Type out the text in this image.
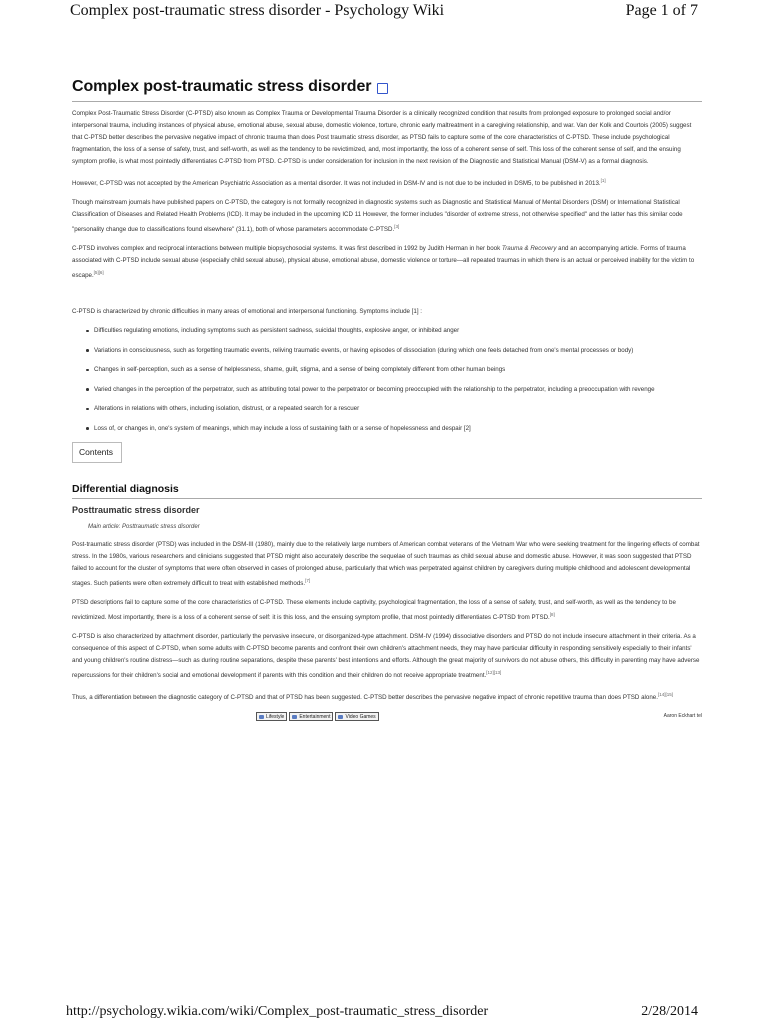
Complex post-traumatic stress disorder - Psychology Wiki	Page 1 of 7
Complex post-traumatic stress disorder

Complex Post-Traumatic Stress Disorder (C-PTSD) also known as Complex Trauma or Developmental Trauma Disorder is a clinically recognized condition that results from prolonged exposure to prolonged social and/or interpersonal trauma, including instances of physical abuse, emotional abuse, sexual abuse, domestic violence, torture, chronic early maltreatment in a caregiving relationship, and war. Van der Kolk and Courtois (2005) suggest that C-PTSD better describes the pervasive negative impact of chronic trauma than does Post traumatic stress disorder, as PTSD fails to capture some of the core characteristics of C-PTSD. These include psychological fragmentation, the loss of a sense of safety, trust, and self-worth, as well as the tendency to be revictimized, and, most importantly, the loss of a coherent sense of self. This loss of the coherent sense of self, and the ensuing symptom profile, is what most pointedly differentiates C-PTSD from PTSD. C-PTSD is under consideration for inclusion in the next revision of the Diagnostic and Statistical Manual (DSM-V) as a formal diagnosis.

However, C-PTSD was not accepted by the American Psychiatric Association as a mental disorder. It was not included in DSM-IV and is not due to be included in DSM5, to be published in 2013.[1]

Though mainstream journals have published papers on C-PTSD, the category is not formally recognized in diagnostic systems such as Diagnostic and Statistical Manual of Mental Disorders (DSM) or International Statistical Classification of Diseases and Related Health Problems (ICD). It may be included in the upcoming ICD 11 However, the former includes "disorder of extreme stress, not otherwise specified" and the latter has this similar code "personality change due to classifications found elsewhere" (31.1), both of whose parameters accommodate C-PTSD.[3]

C-PTSD involves complex and reciprocal interactions between multiple biopsychosocial systems. It was first described in 1992 by Judith Herman in her book Trauma & Recovery and an accompanying article. Forms of trauma associated with C-PTSD include sexual abuse (especially child sexual abuse), physical abuse, emotional abuse, domestic violence or torture—all repeated traumas in which there is an actual or perceived inability for the victim to escape.[5][6]

C-PTSD is characterized by chronic difficulties in many areas of emotional and interpersonal functioning. Symptoms include [1] :

Difficulties regulating emotions, including symptoms such as persistent sadness, suicidal thoughts, explosive anger, or inhibited anger
Variations in consciousness, such as forgetting traumatic events, reliving traumatic events, or having episodes of dissociation (during which one feels detached from one's mental processes or body)
Changes in self-perception, such as a sense of helplessness, shame, guilt, stigma, and a sense of being completely different from other human beings
Varied changes in the perception of the perpetrator, such as attributing total power to the perpetrator or becoming preoccupied with the relationship to the perpetrator, including a preoccupation with revenge
Alterations in relations with others, including isolation, distrust, or a repeated search for a rescuer
Loss of, or changes in, one's system of meanings, which may include a loss of sustaining faith or a sense of hopelessness and despair [2]
Contents
Differential diagnosis
Posttraumatic stress disorder
Main article: Posttraumatic stress disorder

Post-traumatic stress disorder (PTSD) was included in the DSM-III (1980), mainly due to the relatively large numbers of American combat veterans of the Vietnam War who were seeking treatment for the lingering effects of combat stress. In the 1980s, various researchers and clinicians suggested that PTSD might also accurately describe the sequelae of such traumas as child sexual abuse and domestic abuse. However, it was soon suggested that PTSD failed to account for the cluster of symptoms that were often observed in cases of prolonged abuse, particularly that which was perpetrated against children by caregivers during multiple childhood and adolescent developmental stages. Such patients were often extremely difficult to treat with established methods.[7]

PTSD descriptions fail to capture some of the core characteristics of C-PTSD. These elements include captivity, psychological fragmentation, the loss of a sense of safety, trust, and self-worth, as well as the tendency to be revictimized. Most importantly, there is a loss of a coherent sense of self: it is this loss, and the ensuing symptom profile, that most pointedly differentiates C-PTSD from PTSD.[8]

C-PTSD is also characterized by attachment disorder, particularly the pervasive insecure, or disorganized-type attachment. DSM-IV (1994) dissociative disorders and PTSD do not include insecure attachment in their criteria. As a consequence of this aspect of C-PTSD, when some adults with C-PTSD become parents and confront their own children's attachment needs, they may have particular difficulty in responding sensitively especially to their infants' and young children's routine distress—such as during routine separations, despite these parents' best intentions and efforts. Although the great majority of survivors do not abuse others, this difficulty in parenting may have adverse repercussions for their children's social and emotional development if parents with this condition and their children do not receive appropriate treatment.[12][13]

Thus, a differentiation between the diagnostic category of C-PTSD and that of PTSD has been suggested. C-PTSD better describes the pervasive negative impact of chronic repetitive trauma than does PTSD alone.[14][15]

Lifestyle	Entertainment	Video Games	Aaron Eckhart tel
http://psychology.wikia.com/wiki/Complex_post-traumatic_stress_disorder	2/28/2014
